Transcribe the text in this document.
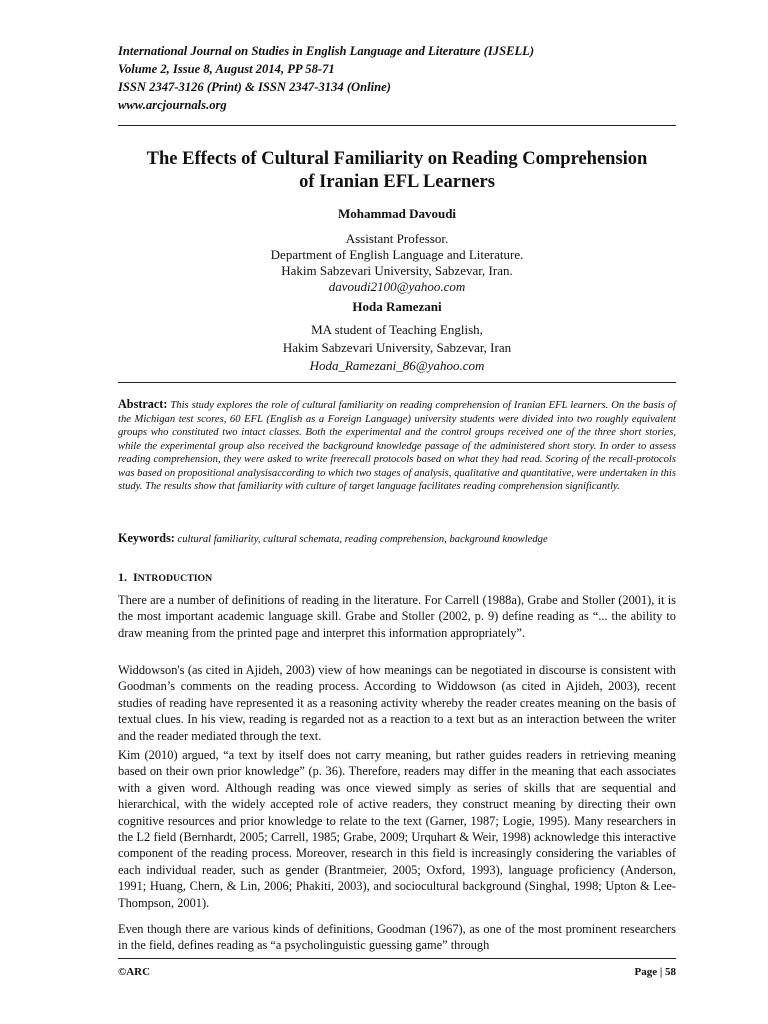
International Journal on Studies in English Language and Literature (IJSELL)
Volume 2, Issue 8, August 2014, PP 58-71
ISSN 2347-3126 (Print) & ISSN 2347-3134 (Online)
www.arcjournals.org
The Effects of Cultural Familiarity on Reading Comprehension
of Iranian EFL Learners
Mohammad Davoudi
Assistant Professor.
Department of English Language and Literature.
Hakim Sabzevari University, Sabzevar, Iran.
davoudi2100@yahoo.com
Hoda Ramezani
MA student of Teaching English,
Hakim Sabzevari University, Sabzevar, Iran
Hoda_Ramezani_86@yahoo.com
Abstract: This study explores the role of cultural familiarity on reading comprehension of Iranian EFL learners. On the basis of the Michigan test scores, 60 EFL (English as a Foreign Language) university students were divided into two roughly equivalent groups who constituted two intact classes. Both the experimental and the control groups received one of the three short stories, while the experimental group also received the background knowledge passage of the administered short story. In order to assess reading comprehension, they were asked to write freerecall protocols based on what they had read. Scoring of the recall-protocols was based on propositional analysisaccording to which two stages of analysis, qualitative and quantitative, were undertaken in this study. The results show that familiarity with culture of target language facilitates reading comprehension significantly.
Keywords: cultural familiarity, cultural schemata, reading comprehension, background knowledge
1. INTRODUCTION
There are a number of definitions of reading in the literature. For Carrell (1988a), Grabe and Stoller (2001), it is the most important academic language skill. Grabe and Stoller (2002, p. 9) define reading as “... the ability to draw meaning from the printed page and interpret this information appropriately”.
Widdowson's (as cited in Ajideh, 2003) view of how meanings can be negotiated in discourse is consistent with Goodman’s comments on the reading process. According to Widdowson (as cited in Ajideh, 2003), recent studies of reading have represented it as a reasoning activity whereby the reader creates meaning on the basis of textual clues. In his view, reading is regarded not as a reaction to a text but as an interaction between the writer and the reader mediated through the text.
Kim (2010) argued, “a text by itself does not carry meaning, but rather guides readers in retrieving meaning based on their own prior knowledge” (p. 36). Therefore, readers may differ in the meaning that each associates with a given word. Although reading was once viewed simply as series of skills that are sequential and hierarchical, with the widely accepted role of active readers, they construct meaning by directing their own cognitive resources and prior knowledge to relate to the text (Garner, 1987; Logie, 1995). Many researchers in the L2 field (Bernhardt, 2005; Carrell, 1985; Grabe, 2009; Urquhart & Weir, 1998) acknowledge this interactive component of the reading process. Moreover, research in this field is increasingly considering the variables of each individual reader, such as gender (Brantmeier, 2005; Oxford, 1993), language proficiency (Anderson, 1991; Huang, Chern, & Lin, 2006; Phakiti, 2003), and sociocultural background (Singhal, 1998; Upton & Lee-Thompson, 2001).
Even though there are various kinds of definitions, Goodman (1967), as one of the most prominent researchers in the field, defines reading as “a psycholinguistic guessing game” through
©ARC	Page | 58
